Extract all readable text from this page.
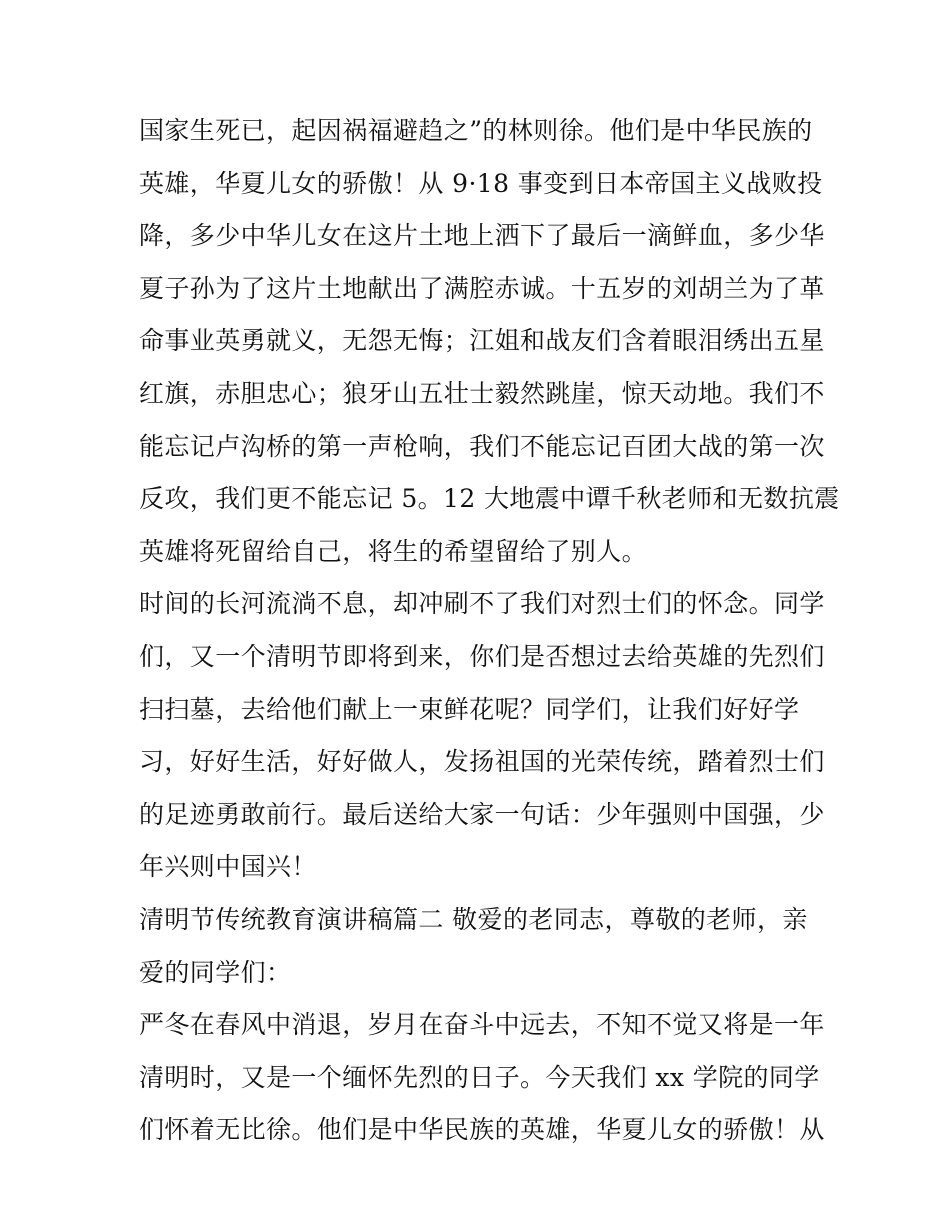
国家生死已，起因祸福避趋之”的林则徐。他们是中华民族的
英雄，华夏儿女的骄傲！从 9·18 事变到日本帝国主义战败投
降，多少中华儿女在这片土地上洒下了最后一滴鲜血，多少华
夏子孙为了这片土地献出了满腔赤诚。十五岁的刘胡兰为了革
命事业英勇就义，无怨无悔；江姐和战友们含着眼泪绣出五星
红旗，赤胆忠心；狼牙山五壮士毅然跳崖，惊天动地。我们不
能忘记卢沟桥的第一声枪响，我们不能忘记百团大战的第一次
反攻，我们更不能忘记 5。12 大地震中谭千秋老师和无数抗震
英雄将死留给自己，将生的希望留给了别人。
时间的长河流淌不息，却冲刷不了我们对烈士们的怀念。同学
们，又一个清明节即将到来，你们是否想过去给英雄的先烈们
扫扫墓，去给他们献上一束鲜花呢？同学们，让我们好好学
习，好好生活，好好做人，发扬祖国的光荣传统，踏着烈士们
的足迹勇敢前行。最后送给大家一句话：少年强则中国强，少
年兴则中国兴！
清明节传统教育演讲稿篇二 敬爱的老同志，尊敬的老师，亲
爱的同学们：
严冬在春风中消退，岁月在奋斗中远去，不知不觉又将是一年
清明时，又是一个缅怀先烈的日子。今天我们 xx 学院的同学
们怀着无比徐。他们是中华民族的英雄，华夏儿女的骄傲！从
